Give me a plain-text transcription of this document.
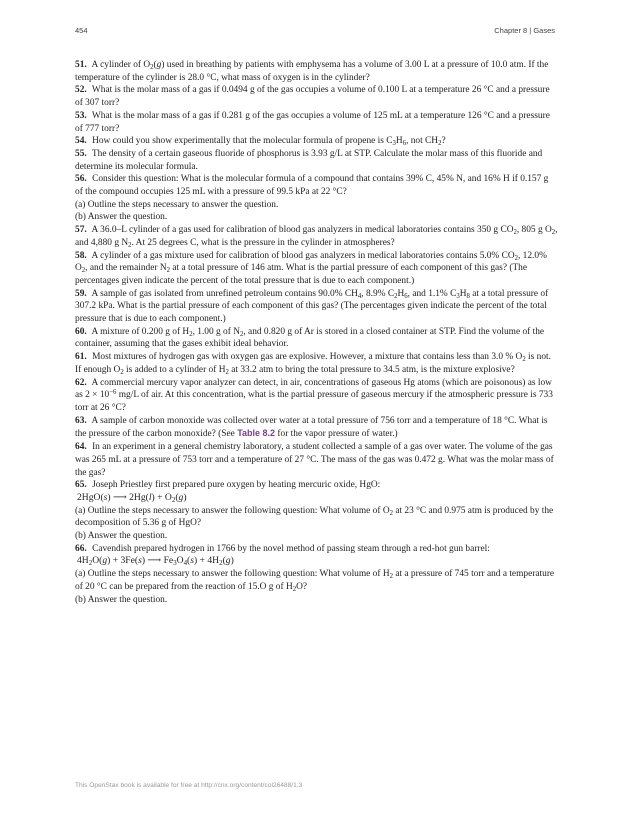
454	Chapter 8 | Gases

51. A cylinder of $O_2(g)$ used in breathing by patients with emphysema has a volume of 3.00 L at a pressure of 10.0 atm. If the temperature of the cylinder is 28.0 °C, what mass of oxygen is in the cylinder?

52. What is the molar mass of a gas if 0.0494 g of the gas occupies a volume of 0.100 L at a temperature 26 °C and a pressure of 307 torr?

53. What is the molar mass of a gas if 0.281 g of the gas occupies a volume of 125 mL at a temperature 126 °C and a pressure of 777 torr?

54. How could you show experimentally that the molecular formula of propene is $C_3H_6$, not $CH_2$?

55. The density of a certain gaseous fluoride of phosphorus is 3.93 g/L at STP. Calculate the molar mass of this fluoride and determine its molecular formula.

56. Consider this question: What is the molecular formula of a compound that contains 39% C, 45% N, and 16% H if 0.157 g of the compound occupies 125 mL with a pressure of 99.5 kPa at 22 °C?

(a) Outline the steps necessary to answer the question.

(b) Answer the question.

57. A 36.0–L cylinder of a gas used for calibration of blood gas analyzers in medical laboratories contains 350 g $CO_2$, 805 g $O_2$, and 4,880 g $N_2$. At 25 degrees C, what is the pressure in the cylinder in atmospheres?

58. A cylinder of a gas mixture used for calibration of blood gas analyzers in medical laboratories contains 5.0% $CO_2$, 12.0% $O_2$, and the remainder $N_2$ at a total pressure of 146 atm. What is the partial pressure of each component of this gas? (The percentages given indicate the percent of the total pressure that is due to each component.)

59. A sample of gas isolated from unrefined petroleum contains 90.0% $CH_4$, 8.9% $C_2H_6$, and 1.1% $C_3H_8$ at a total pressure of 307.2 kPa. What is the partial pressure of each component of this gas? (The percentages given indicate the percent of the total pressure that is due to each component.)

60. A mixture of 0.200 g of $H_2$, 1.00 g of $N_2$, and 0.820 g of Ar is stored in a closed container at STP. Find the volume of the container, assuming that the gases exhibit ideal behavior.

61. Most mixtures of hydrogen gas with oxygen gas are explosive. However, a mixture that contains less than 3.0 % $O_2$ is not. If enough $O_2$ is added to a cylinder of $H_2$ at 33.2 atm to bring the total pressure to 34.5 atm, is the mixture explosive?

62. A commercial mercury vapor analyzer can detect, in air, concentrations of gaseous Hg atoms (which are poisonous) as low as $2 \times 10^{-6}$ mg/L of air. At this concentration, what is the partial pressure of gaseous mercury if the atmospheric pressure is 733 torr at 26 °C?

63. A sample of carbon monoxide was collected over water at a total pressure of 756 torr and a temperature of 18 °C. What is the pressure of the carbon monoxide? (See Table 8.2 for the vapor pressure of water.)

64. In an experiment in a general chemistry laboratory, a student collected a sample of a gas over water. The volume of the gas was 265 mL at a pressure of 753 torr and a temperature of 27 °C. The mass of the gas was 0.472 g. What was the molar mass of the gas?

65. Joseph Priestley first prepared pure oxygen by heating mercuric oxide, HgO:

2HgO(s) ⟶ $2Hg(l) + O_2(g)$

(a) Outline the steps necessary to answer the following question: What volume of $O_2$ at 23 °C and 0.975 atm is produced by the decomposition of 5.36 g of HgO?

(b) Answer the question.

66. Cavendish prepared hydrogen in 1766 by the novel method of passing steam through a red-hot gun barrel:

$4H_2O(g) + 3Fe(s)$ ⟶ $Fe_3O_4(s) + 4H_2(g)$

(a) Outline the steps necessary to answer the following question: What volume of $H_2$ at a pressure of 745 torr and a temperature of 20 °C can be prepared from the reaction of 15.O g of $H_2O$?

(b) Answer the question.

This OpenStax book is available for free at http://cnx.org/content/col26488/1.3
